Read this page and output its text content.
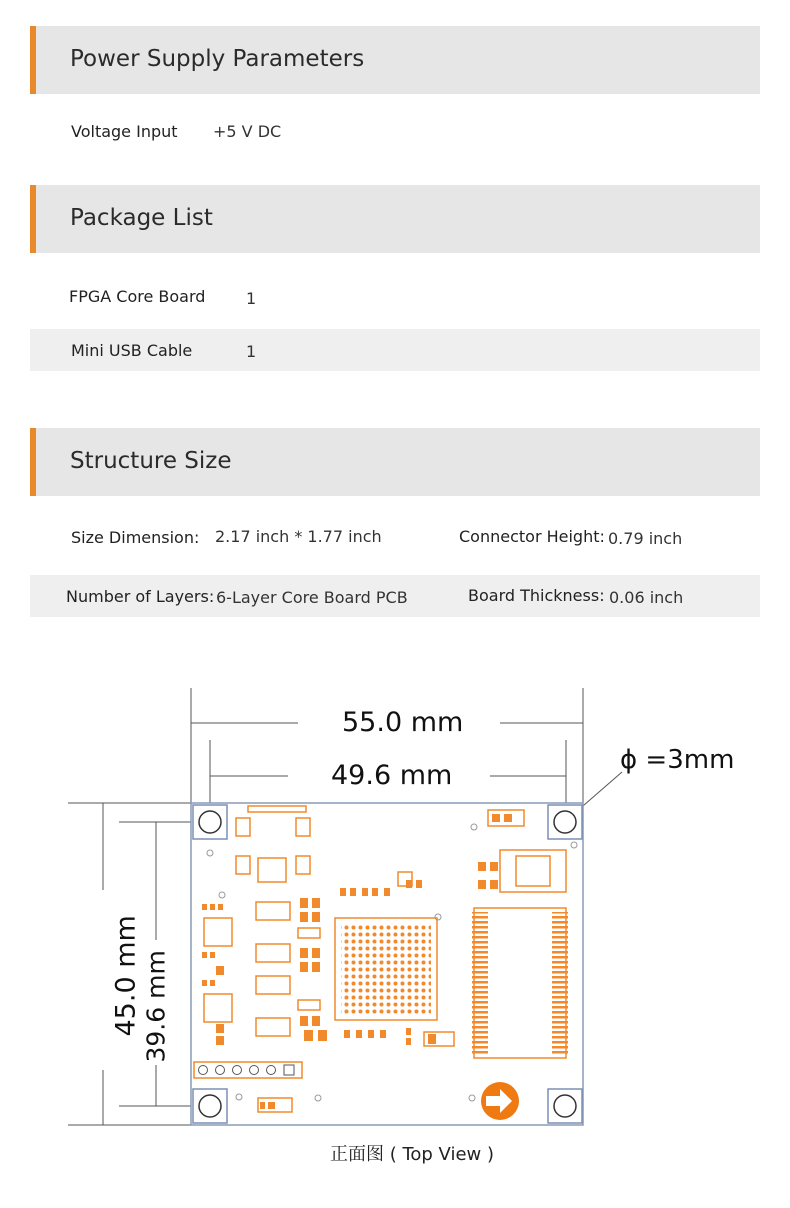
Power Supply Parameters
Voltage Input +5 V DC
Package List
FPGA Core Board	1
Mini USB Cable	1
Structure Size
Size Dimension: 2.17 inch * 1.77 inch	Connector Height: 0.79 inch
Number of Layers: 6-Layer Core Board PCB	Board Thickness: 0.06 inch
55.0 mm
49.6 mm	ϕ =3mm
45.0 mm 39.6 mm
正面图 ( Top View )
